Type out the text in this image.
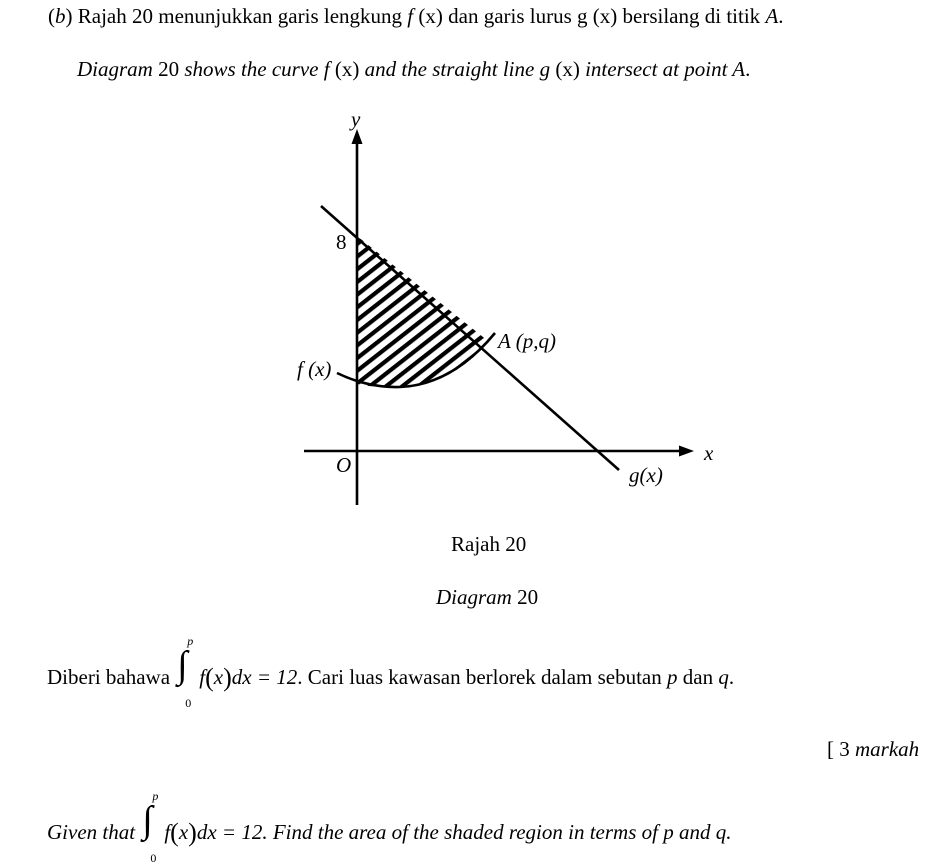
(b) Rajah 20 menunjukkan garis lengkung f (x) dan garis lurus g (x) bersilang di titik A.
Diagram 20 shows the curve f (x) and the straight line g (x) intersect at point A.
y
x
O
8
f (x)
g(x)
A (p,q)
Rajah 20
Diagram 20
Diberi bahawa ∫
p
0
f(x)dx = 12. Cari luas kawasan berlorek dalam sebutan p dan q.
[ 3 markah
Given that ∫
p
0
f(x)dx = 12. Find the area of the shaded region in terms of p and q.
